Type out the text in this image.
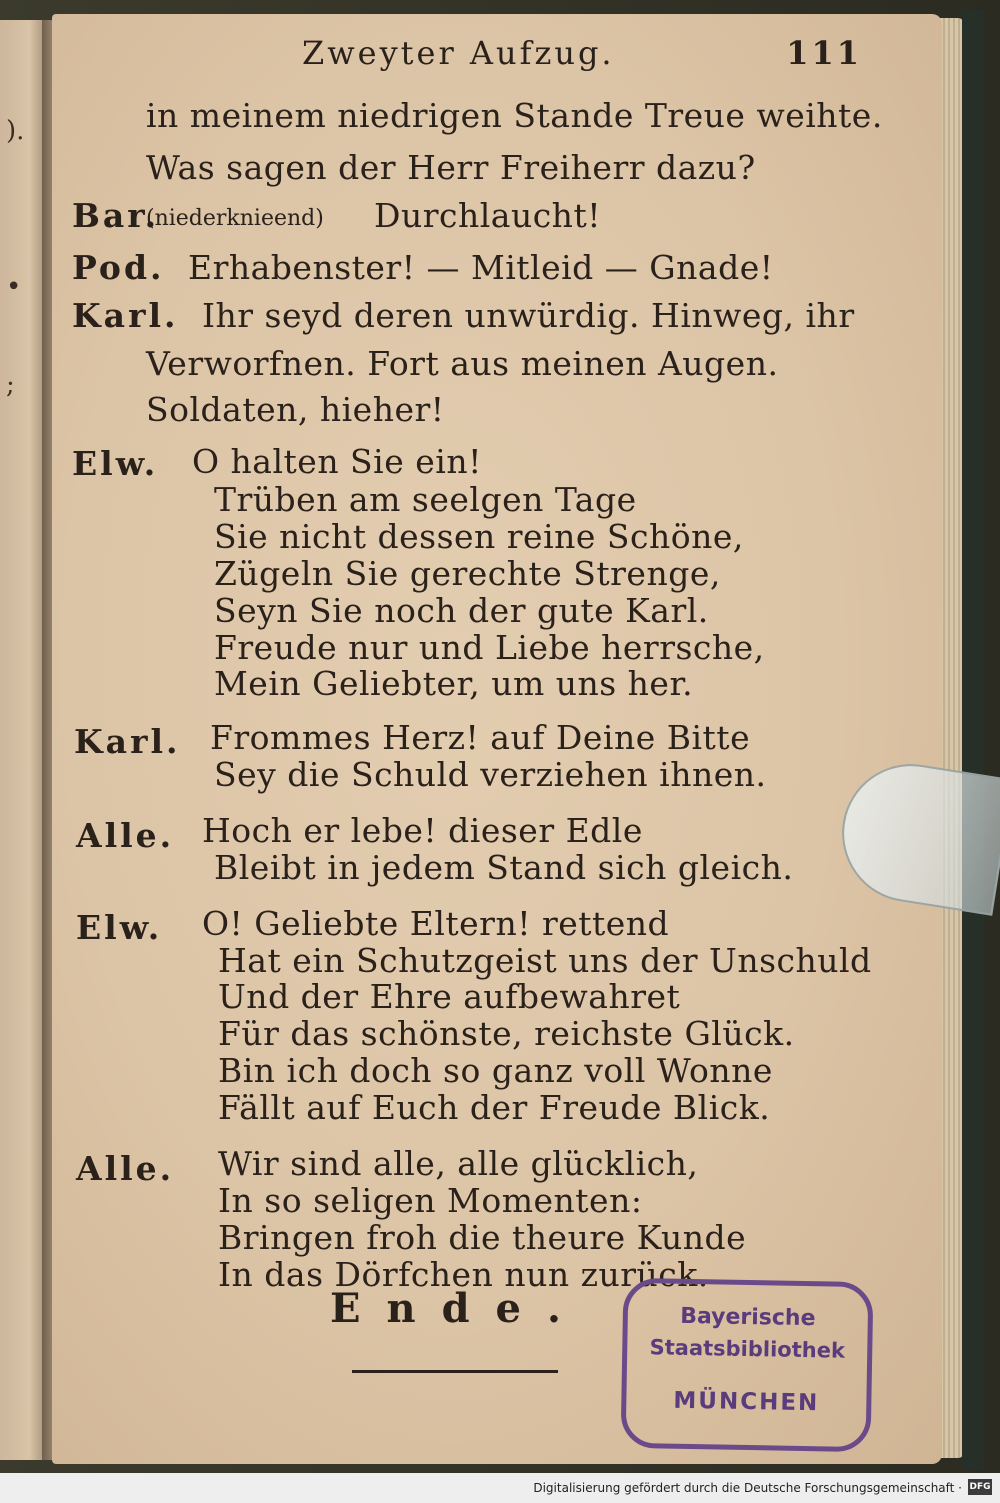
).
•
;
Zweyter Aufzug.	111
in meinem niedrigen Stande Treue weihte.
Was sagen der Herr Freiherr dazu?
Bar.
(niederknieend) Durchlaucht!
Pod. Erhabenster! — Mitleid — Gnade!
Karl. Ihr seyd deren unwürdig. Hinweg, ihr
Verworfnen. Fort aus meinen Augen.
Soldaten, hieher!
Elw. O halten Sie ein!
Trüben am seelgen Tage
Sie nicht dessen reine Schöne,
Zügeln Sie gerechte Strenge,
Seyn Sie noch der gute Karl.
Freude nur und Liebe herrsche,
Mein Geliebter, um uns her.
Karl. Frommes Herz! auf Deine Bitte
Sey die Schuld verziehen ihnen.
Alle. Hoch er lebe! dieser Edle
Bleibt in jedem Stand sich gleich.
Elw. O! Geliebte Eltern! rettend
Hat ein Schutzgeist uns der Unschuld
Und der Ehre aufbewahret
Für das schönste, reichste Glück.
Bin ich doch so ganz voll Wonne
Fällt auf Euch der Freude Blick.
Alle. Wir sind alle, alle glücklich,
In so seligen Momenten:
Bringen froh die theure Kunde
In das Dörfchen nun zurück.
Ende.	Bayerische
Staatsbibliothek
MÜNCHEN
Digitalisierung gefördert durch die Deutsche Forschungsgemeinschaft · DFG
